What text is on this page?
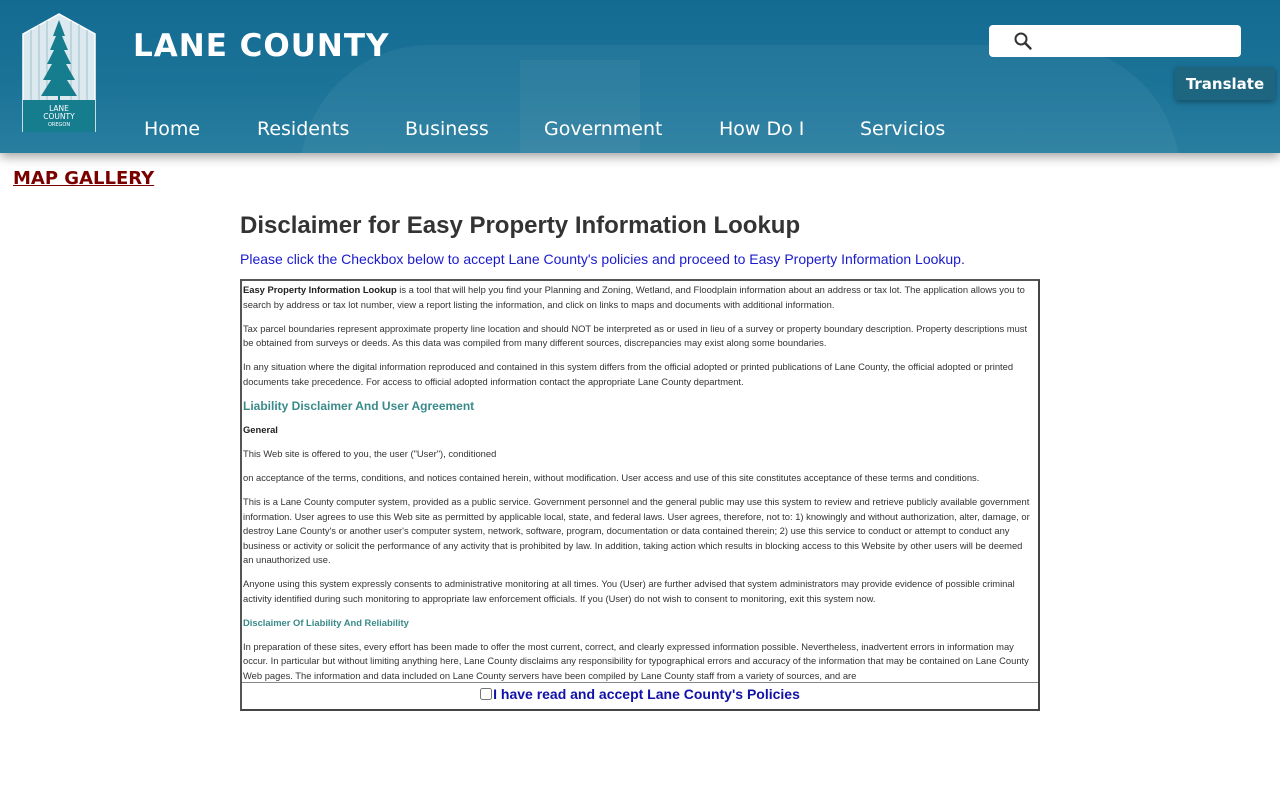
LANE
COUNTY
OREGON
LANE COUNTY
Translate
Home	Residents	Business	Government	How Do I	Servicios
MAP GALLERY
Disclaimer for Easy Property Information Lookup
Please click the Checkbox below to accept Lane County's policies and proceed to Easy Property Information Lookup.

Easy Property Information Lookup is a tool that will help you find your Planning and Zoning, Wetland, and Floodplain information about an address or tax lot. The application allows you to search by address or tax lot number, view a report listing the information, and click on links to maps and documents with additional information.

Tax parcel boundaries represent approximate property line location and should NOT be interpreted as or used in lieu of a survey or property boundary description. Property descriptions must be obtained from surveys or deeds. As this data was compiled from many different sources, discrepancies may exist along some boundaries.

In any situation where the digital information reproduced and contained in this system differs from the official adopted or printed publications of Lane County, the official adopted or printed documents take precedence. For access to official adopted information contact the appropriate Lane County department.

Liability Disclaimer And User Agreement
General

This Web site is offered to you, the user ("User"), conditioned

on acceptance of the terms, conditions, and notices contained herein, without modification. User access and use of this site constitutes acceptance of these terms and conditions.

This is a Lane County computer system, provided as a public service. Government personnel and the general public may use this system to review and retrieve publicly available government information. User agrees to use this Web site as permitted by applicable local, state, and federal laws. User agrees, therefore, not to: 1) knowingly and without authorization, alter, damage, or destroy Lane County's or another user's computer system, network, software, program, documentation or data contained therein; 2) use this service to conduct or attempt to conduct any business or activity or solicit the performance of any activity that is prohibited by law. In addition, taking action which results in blocking access to this Website by other users will be deemed an unauthorized use.

Anyone using this system expressly consents to administrative monitoring at all times. You (User) are further advised that system administrators may provide evidence of possible criminal activity identified during such monitoring to appropriate law enforcement officials. If you (User) do not wish to consent to monitoring, exit this system now.

Disclaimer Of Liability And Reliability

In preparation of these sites, every effort has been made to offer the most current, correct, and clearly expressed information possible. Nevertheless, inadvertent errors in information may occur. In particular but without limiting anything here, Lane County disclaims any responsibility for typographical errors and accuracy of the information that may be contained on Lane County Web pages. The information and data included on Lane County servers have been compiled by Lane County staff from a variety of sources, and are

I have read and accept Lane County's Policies
